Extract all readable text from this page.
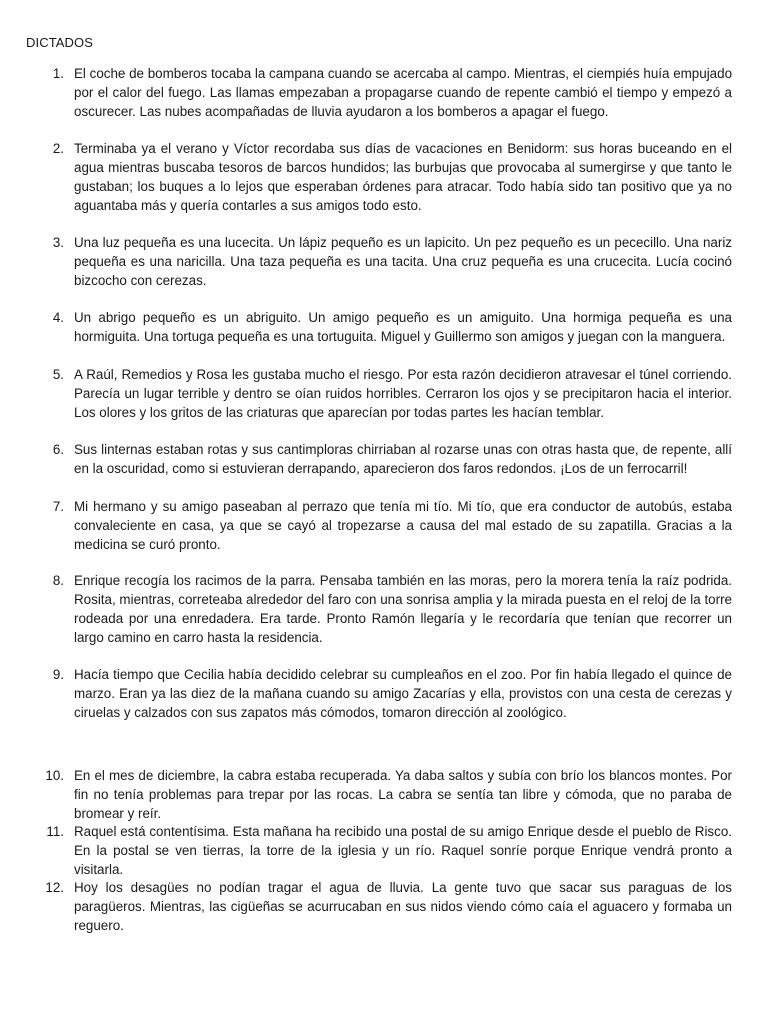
DICTADOS
1. El coche de bomberos tocaba la campana cuando se acercaba al campo. Mientras, el ciempiés huía empujado por el calor del fuego. Las llamas empezaban a propagarse cuando de repente cambió el tiempo y empezó a oscurecer. Las nubes acompañadas de lluvia ayudaron a los bomberos a apagar el fuego.
2. Terminaba ya el verano y Víctor recordaba sus días de vacaciones en Benidorm: sus horas buceando en el agua mientras buscaba tesoros de barcos hundidos; las burbujas que provocaba al sumergirse y que tanto le gustaban; los buques a lo lejos que esperaban órdenes para atracar. Todo había sido tan positivo que ya no aguantaba más y quería contarles a sus amigos todo esto.
3. Una luz pequeña es una lucecita. Un lápiz pequeño es un lapicito. Un pez pequeño es un pececillo. Una nariz pequeña es una naricilla. Una taza pequeña es una tacita. Una cruz pequeña es una crucecita. Lucía cocinó bizcocho con cerezas.
4. Un abrigo pequeño es un abriguito. Un amigo pequeño es un amiguito. Una hormiga pequeña es una hormiguita. Una tortuga pequeña es una tortuguita. Miguel y Guillermo son amigos y juegan con la manguera.
5. A Raúl, Remedios y Rosa les gustaba mucho el riesgo. Por esta razón decidieron atravesar el túnel corriendo. Parecía un lugar terrible y dentro se oían ruidos horribles. Cerraron los ojos y se precipitaron hacia el interior. Los olores y los gritos de las criaturas que aparecían por todas partes les hacían temblar.
6. Sus linternas estaban rotas y sus cantimploras chirriaban al rozarse unas con otras hasta que, de repente, allí en la oscuridad, como si estuvieran derrapando, aparecieron dos faros redondos. ¡Los de un ferrocarril!
7. Mi hermano y su amigo paseaban al perrazo que tenía mi tío. Mi tío, que era conductor de autobús, estaba convaleciente en casa, ya que se cayó al tropezarse a causa del mal estado de su zapatilla. Gracias a la medicina se curó pronto.
8. Enrique recogía los racimos de la parra. Pensaba también en las moras, pero la morera tenía la raíz podrida. Rosita, mientras, correteaba alrededor del faro con una sonrisa amplia y la mirada puesta en el reloj de la torre rodeada por una enredadera. Era tarde. Pronto Ramón llegaría y le recordaría que tenían que recorrer un largo camino en carro hasta la residencia.
9. Hacía tiempo que Cecilia había decidido celebrar su cumpleaños en el zoo. Por fin había llegado el quince de marzo. Eran ya las diez de la mañana cuando su amigo Zacarías y ella, provistos con una cesta de cerezas y ciruelas y calzados con sus zapatos más cómodos, tomaron dirección al zoológico.
10. En el mes de diciembre, la cabra estaba recuperada. Ya daba saltos y subía con brío los blancos montes. Por fin no tenía problemas para trepar por las rocas. La cabra se sentía tan libre y cómoda, que no paraba de bromear y reír.
11. Raquel está contentísima. Esta mañana ha recibido una postal de su amigo Enrique desde el pueblo de Risco. En la postal se ven tierras, la torre de la iglesia y un río. Raquel sonríe porque Enrique vendrá pronto a visitarla.
12. Hoy los desagües no podían tragar el agua de lluvia. La gente tuvo que sacar sus paraguas de los paragüeros. Mientras, las cigüeñas se acurrucaban en sus nidos viendo cómo caía el aguacero y formaba un reguero.
